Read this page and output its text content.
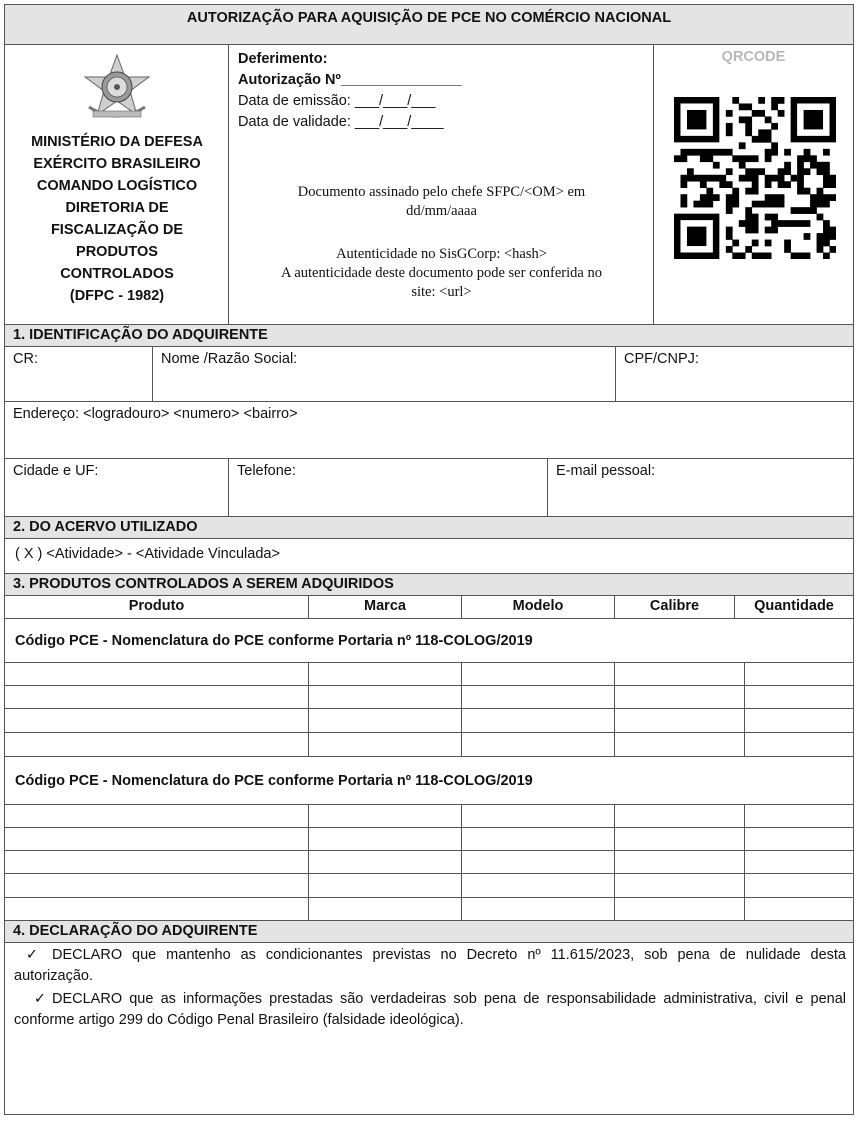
AUTORIZAÇÃO PARA AQUISIÇÃO DE PCE NO COMÉRCIO NACIONAL
MINISTÉRIO DA DEFESA
EXÉRCITO BRASILEIRO
COMANDO LOGÍSTICO
DIRETORIA DE
FISCALIZAÇÃO DE
PRODUTOS
CONTROLADOS
(DFPC - 1982)
Deferimento:
Autorização Nº_______________
Data de emissão: ___/___/___
Data de validade: ___/___/____
Documento assinado pelo chefe SFPC/<OM> em
dd/mm/aaaa
Autenticidade no SisGCorp: <hash>
A autenticidade deste documento pode ser conferida no
site: <url>
QRCODE
1. IDENTIFICAÇÃO DO ADQUIRENTE
CR:	Nome /Razão Social:	CPF/CNPJ:
Endereço: <logradouro> <numero> <bairro>
Cidade e UF:	Telefone:	E-mail pessoal:
2. DO ACERVO UTILIZADO
( X ) <Atividade> - <Atividade Vinculada>
3. PRODUTOS CONTROLADOS A SEREM ADQUIRIDOS
Produto	Marca	Modelo	Calibre	Quantidade
Código PCE - Nomenclatura do PCE conforme Portaria nº 118-COLOG/2019
Código PCE - Nomenclatura do PCE conforme Portaria nº 118-COLOG/2019
4. DECLARAÇÃO DO ADQUIRENTE
✓ DECLARO que mantenho as condicionantes previstas no Decreto nº 11.615/2023, sob pena de nulidade desta autorização.
✓ DECLARO que as informações prestadas são verdadeiras sob pena de responsabilidade administrativa, civil e penal conforme artigo 299 do Código Penal Brasileiro (falsidade ideológica).
